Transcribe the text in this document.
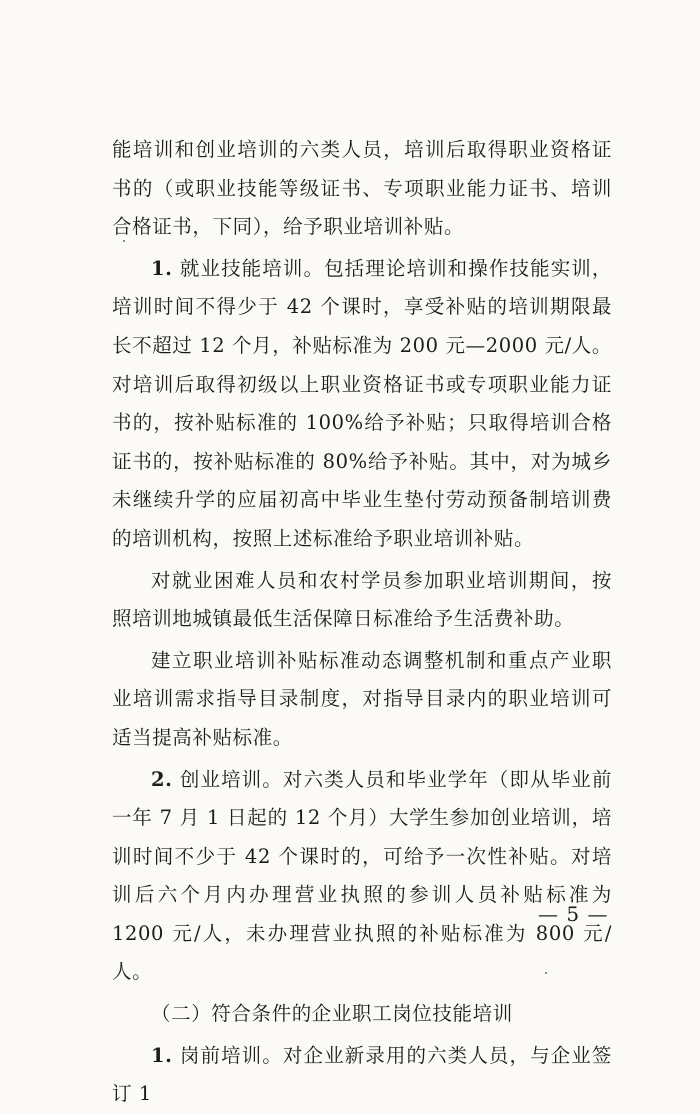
能培训和创业培训的六类人员，培训后取得职业资格证书的（或职业技能等级证书、专项职业能力证书、培训合格证书，下同），给予职业培训补贴。

1. 就业技能培训。包括理论培训和操作技能实训，培训时间不得少于 42 个课时，享受补贴的培训期限最长不超过 12 个月，补贴标准为 200 元—2000 元/人。对培训后取得初级以上职业资格证书或专项职业能力证书的，按补贴标准的 100%给予补贴；只取得培训合格证书的，按补贴标准的 80%给予补贴。其中，对为城乡未继续升学的应届初高中毕业生垫付劳动预备制培训费的培训机构，按照上述标准给予职业培训补贴。

对就业困难人员和农村学员参加职业培训期间，按照培训地城镇最低生活保障日标准给予生活费补助。

建立职业培训补贴标准动态调整机制和重点产业职业培训需求指导目录制度，对指导目录内的职业培训可适当提高补贴标准。

2. 创业培训。对六类人员和毕业学年（即从毕业前一年 7 月 1 日起的 12 个月）大学生参加创业培训，培训时间不少于 42 个课时的，可给予一次性补贴。对培训后六个月内办理营业执照的参训人员补贴标准为 1200 元/人，未办理营业执照的补贴标准为 800 元/人。

（二）符合条件的企业职工岗位技能培训

1. 岗前培训。对企业新录用的六类人员，与企业签订 1

— 5 —
